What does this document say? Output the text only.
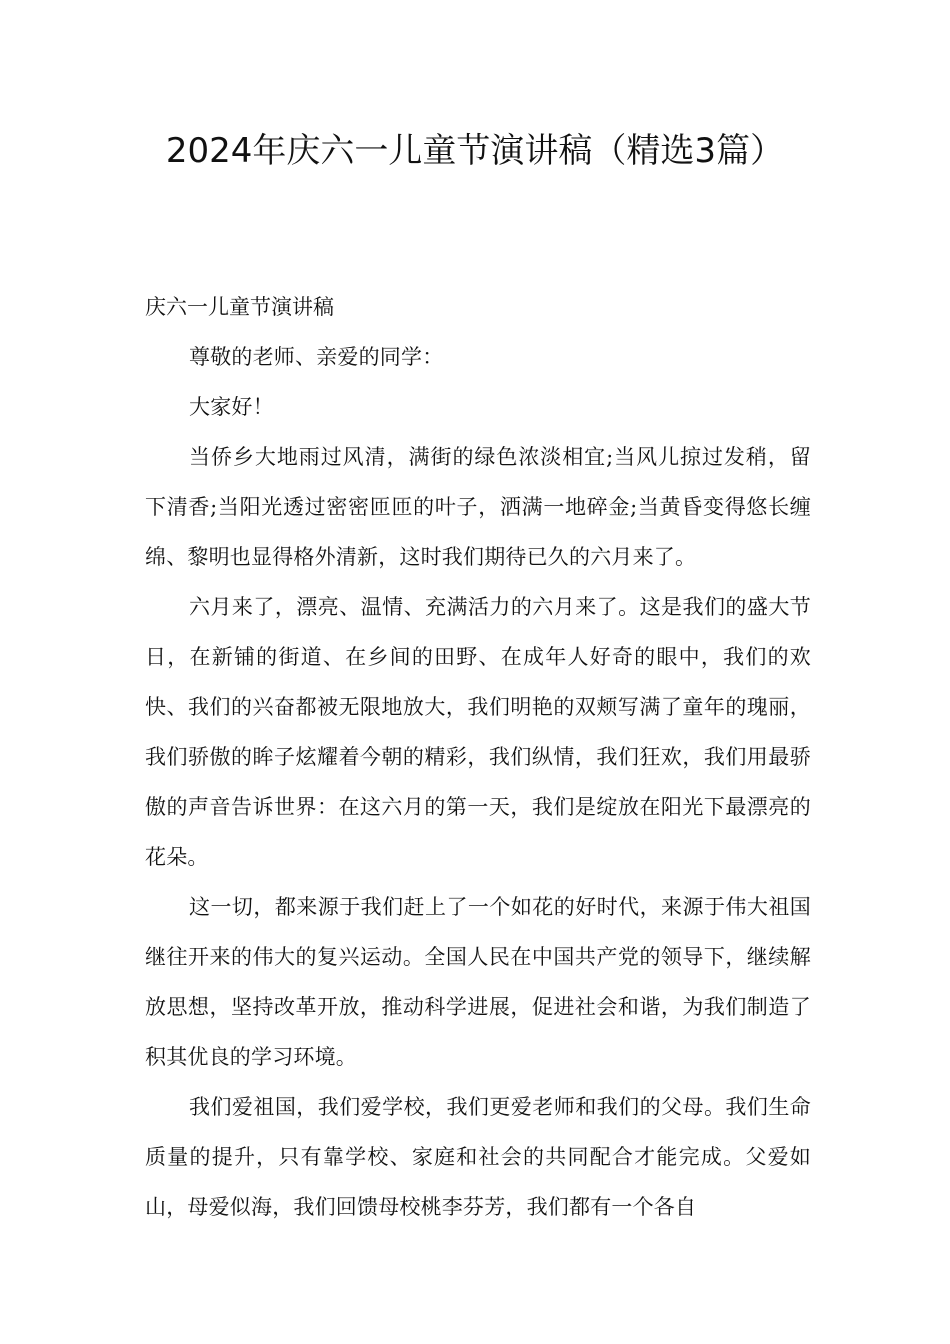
2024年庆六一儿童节演讲稿（精选3篇）

庆六一儿童节演讲稿

尊敬的老师、亲爱的同学：

大家好！

当侨乡大地雨过风清，满街的绿色浓淡相宜;当风儿掠过发稍，留下清香;当阳光透过密密匝匝的叶子，洒满一地碎金;当黄昏变得悠长缠绵、黎明也显得格外清新，这时我们期待已久的六月来了。

六月来了，漂亮、温情、充满活力的六月来了。这是我们的盛大节日，在新铺的街道、在乡间的田野、在成年人好奇的眼中，我们的欢快、我们的兴奋都被无限地放大，我们明艳的双颊写满了童年的瑰丽，我们骄傲的眸子炫耀着今朝的精彩，我们纵情，我们狂欢，我们用最骄傲的声音告诉世界：在这六月的第一天，我们是绽放在阳光下最漂亮的花朵。

这一切，都来源于我们赶上了一个如花的好时代，来源于伟大祖国继往开来的伟大的复兴运动。全国人民在中国共产党的领导下，继续解放思想，坚持改革开放，推动科学进展，促进社会和谐，为我们制造了积其优良的学习环境。

我们爱祖国，我们爱学校，我们更爱老师和我们的父母。我们生命质量的提升，只有靠学校、家庭和社会的共同配合才能完成。父爱如山，母爱似海，我们回馈母校桃李芬芳，我们都有一个各自
